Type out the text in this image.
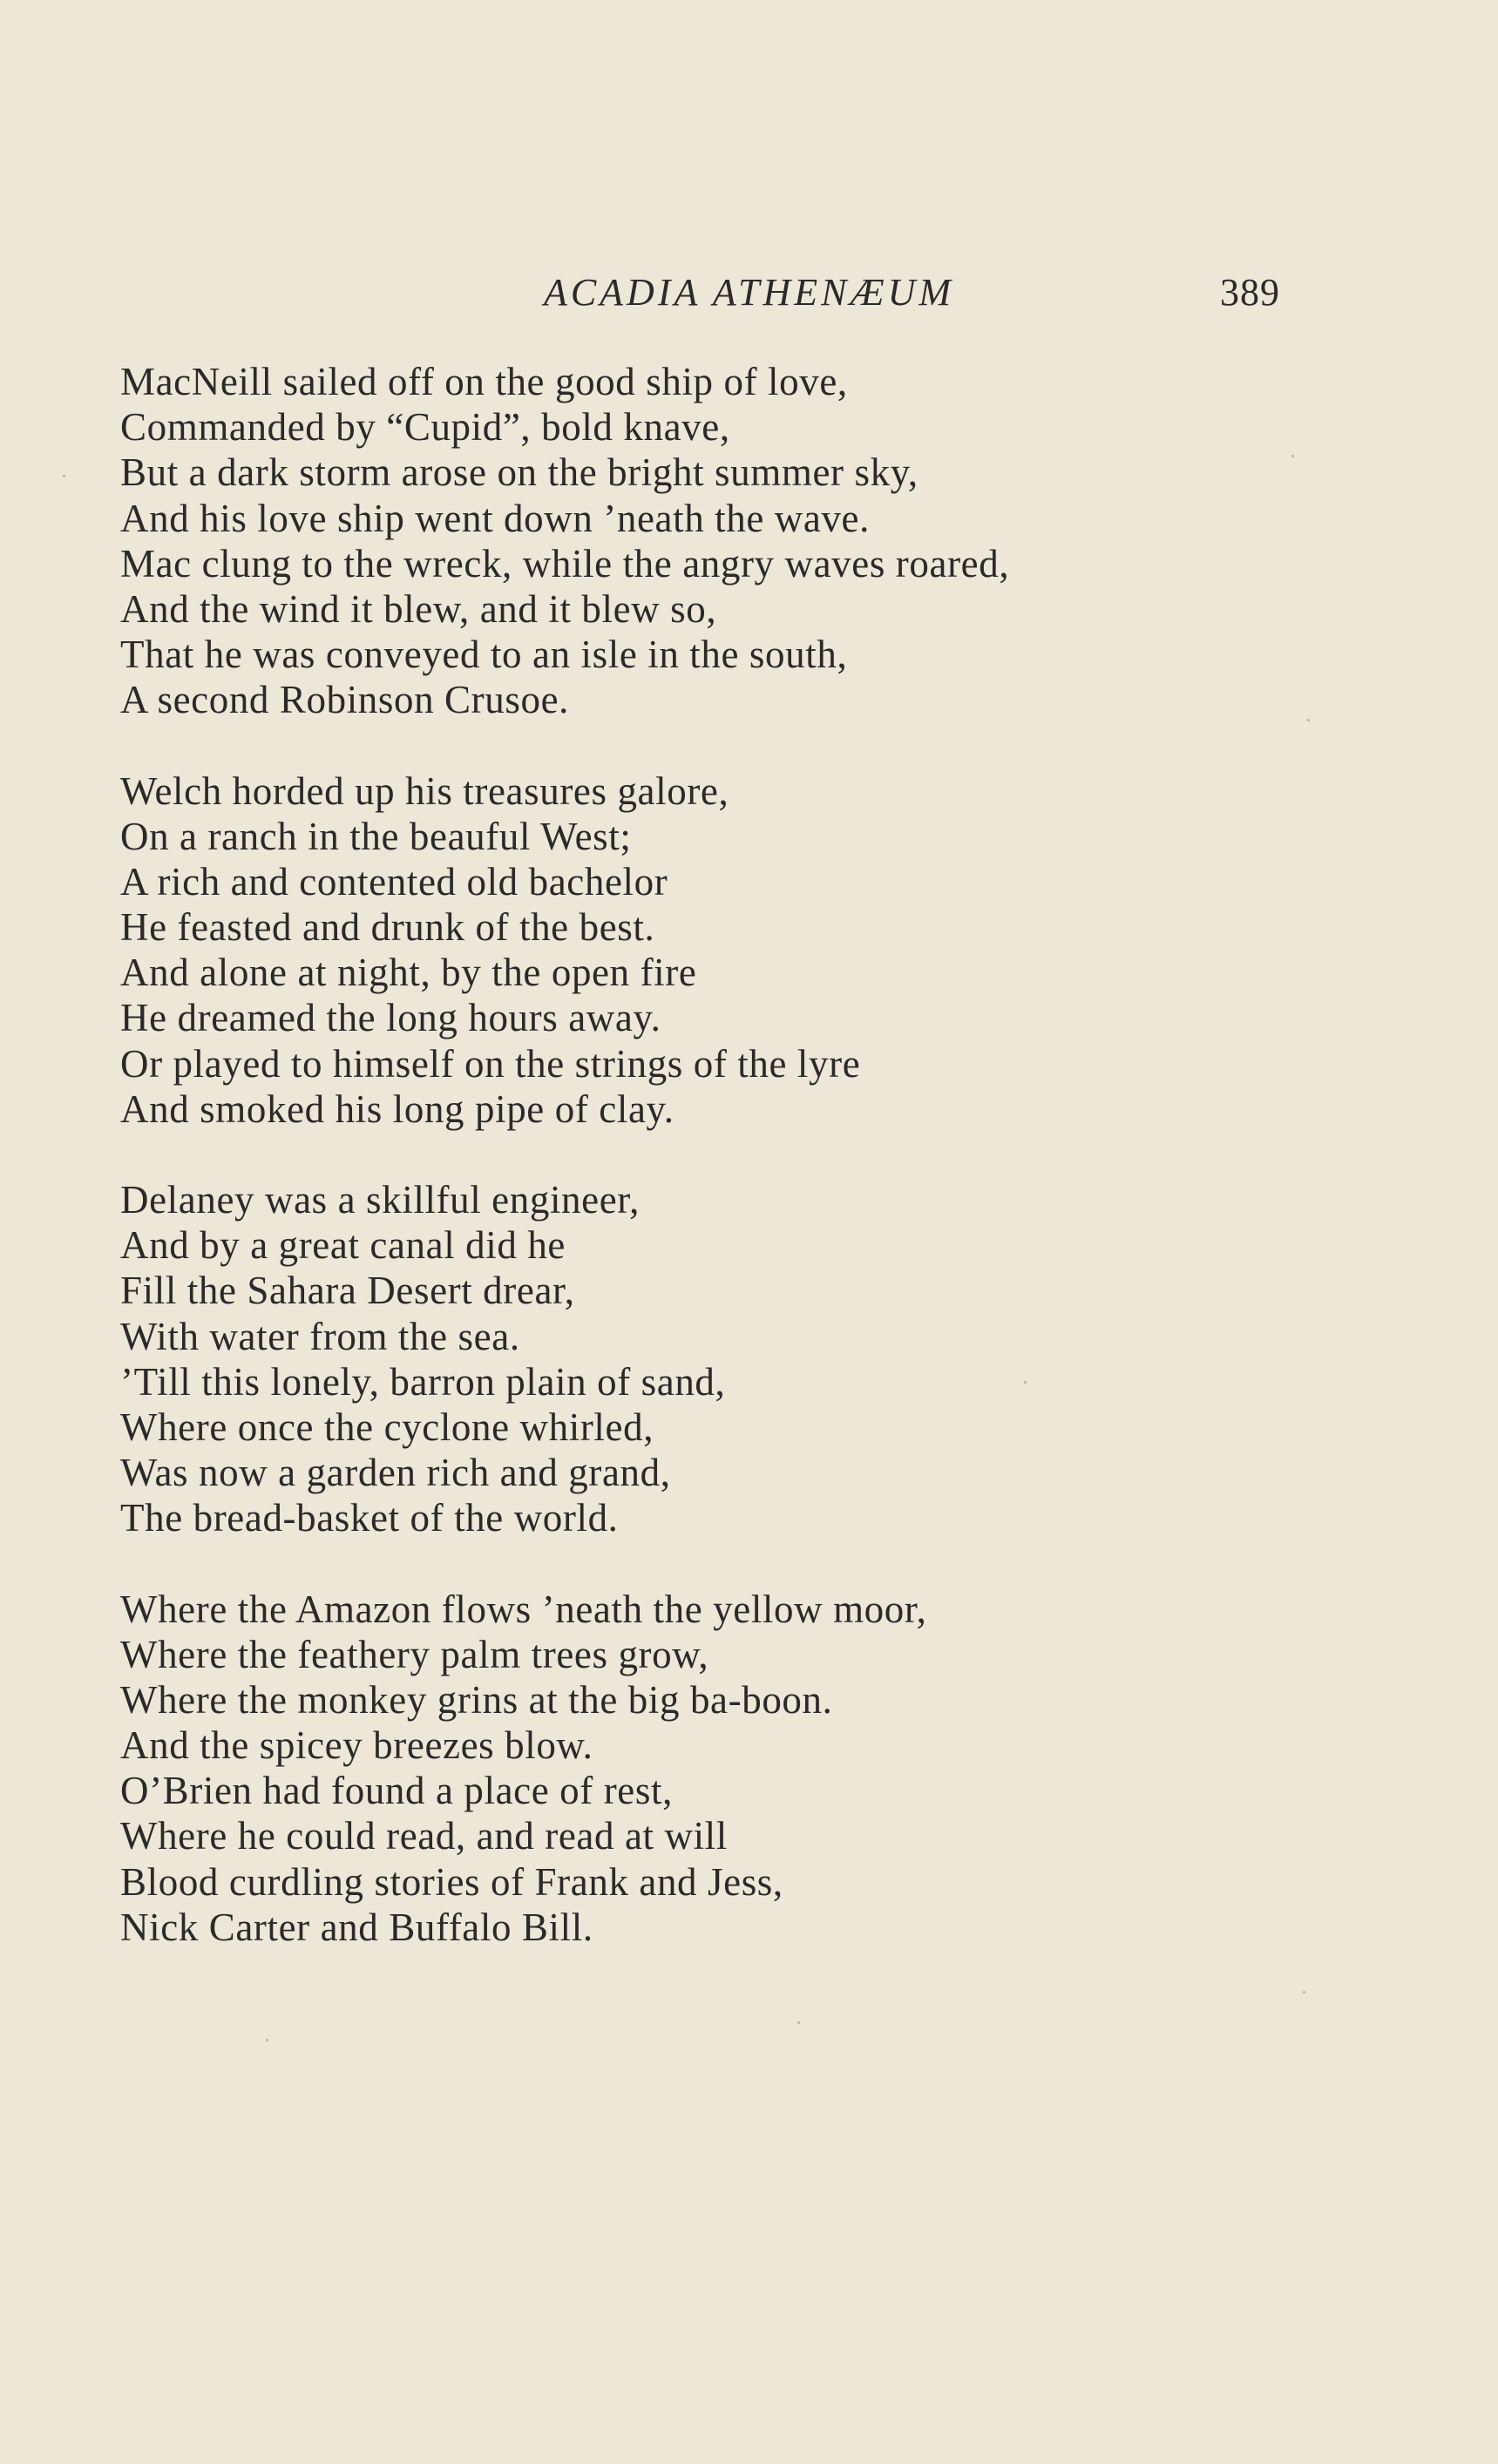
ACADIA ATHENÆUM	389
MacNeill sailed off on the good ship of love,
Commanded by “Cupid”, bold knave,
But a dark storm arose on the bright summer sky,
And his love ship went down ’neath the wave.
Mac clung to the wreck, while the angry waves roared,
And the wind it blew, and it blew so,
That he was conveyed to an isle in the south,
A second Robinson Crusoe.
Welch horded up his treasures galore,
On a ranch in the beauful West;
A rich and contented old bachelor
He feasted and drunk of the best.
And alone at night, by the open fire
He dreamed the long hours away.
Or played to himself on the strings of the lyre
And smoked his long pipe of clay.
Delaney was a skillful engineer,
And by a great canal did he
Fill the Sahara Desert drear,
With water from the sea.
’Till this lonely, barron plain of sand,
Where once the cyclone whirled,
Was now a garden rich and grand,
The bread-basket of the world.
Where the Amazon flows ’neath the yellow moor,
Where the feathery palm trees grow,
Where the monkey grins at the big ba-boon.
And the spicey breezes blow.
O’Brien had found a place of rest,
Where he could read, and read at will
Blood curdling stories of Frank and Jess,
Nick Carter and Buffalo Bill.
